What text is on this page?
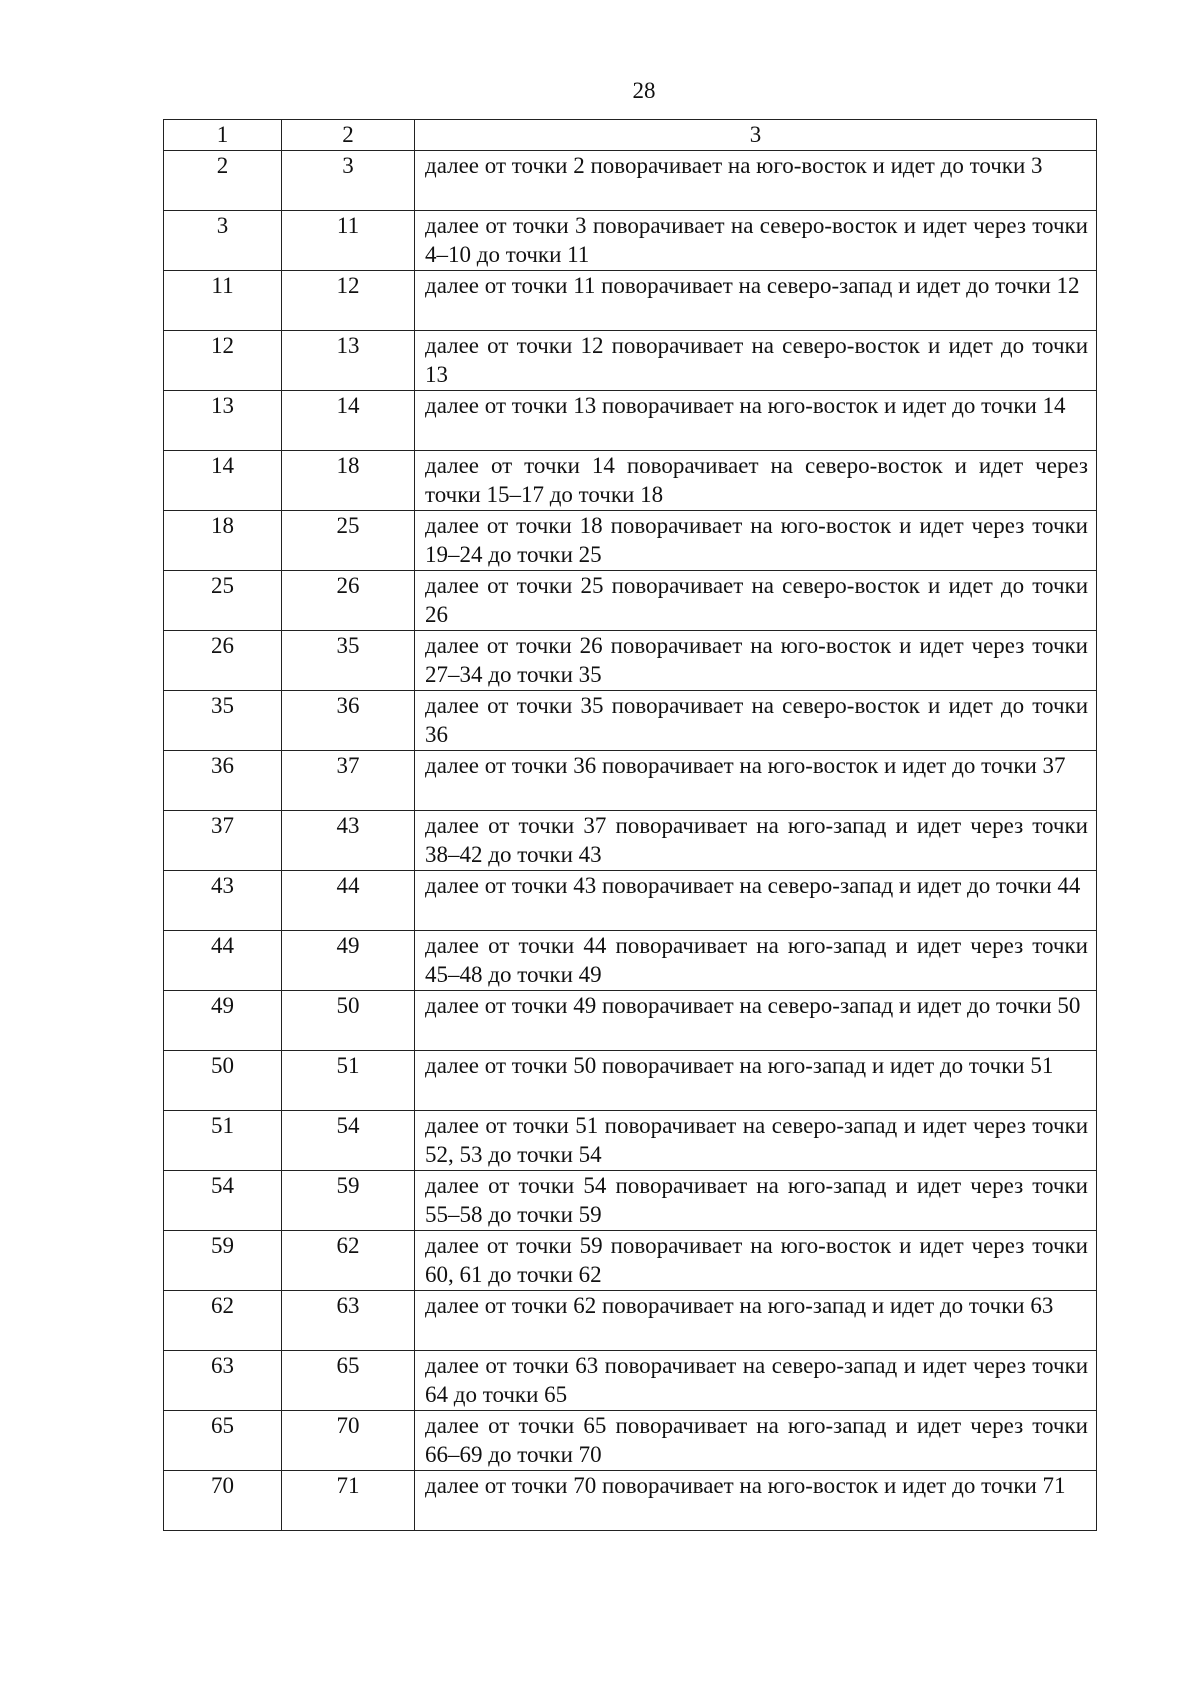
28
1	2	3
2	3	далее от точки 2 поворачивает на юго-восток и идет до точки 3
3	11	далее от точки 3 поворачивает на северо-восток и идет через точки 4–10 до точки 11
11	12	далее от точки 11 поворачивает на северо-запад и идет до точки 12
12	13	далее от точки 12 поворачивает на северо-восток и идет до точки 13
13	14	далее от точки 13 поворачивает на юго-восток и идет до точки 14
14	18	далее от точки 14 поворачивает на северо-восток и идет через точки 15–17 до точки 18
18	25	далее от точки 18 поворачивает на юго-восток и идет через точки 19–24 до точки 25
25	26	далее от точки 25 поворачивает на северо-восток и идет до точки 26
26	35	далее от точки 26 поворачивает на юго-восток и идет через точки 27–34 до точки 35
35	36	далее от точки 35 поворачивает на северо-восток и идет до точки 36
36	37	далее от точки 36 поворачивает на юго-восток и идет до точки 37
37	43	далее от точки 37 поворачивает на юго-запад и идет через точки 38–42 до точки 43
43	44	далее от точки 43 поворачивает на северо-запад и идет до точки 44
44	49	далее от точки 44 поворачивает на юго-запад и идет через точки 45–48 до точки 49
49	50	далее от точки 49 поворачивает на северо-запад и идет до точки 50
50	51	далее от точки 50 поворачивает на юго-запад и идет до точки 51
51	54	далее от точки 51 поворачивает на северо-запад и идет через точки 52, 53 до точки 54
54	59	далее от точки 54 поворачивает на юго-запад и идет через точки 55–58 до точки 59
59	62	далее от точки 59 поворачивает на юго-восток и идет через точки 60, 61 до точки 62
62	63	далее от точки 62 поворачивает на юго-запад и идет до точки 63
63	65	далее от точки 63 поворачивает на северо-запад и идет через точки 64 до точки 65
65	70	далее от точки 65 поворачивает на юго-запад и идет через точки 66–69 до точки 70
70	71	далее от точки 70 поворачивает на юго-восток и идет до точки 71
